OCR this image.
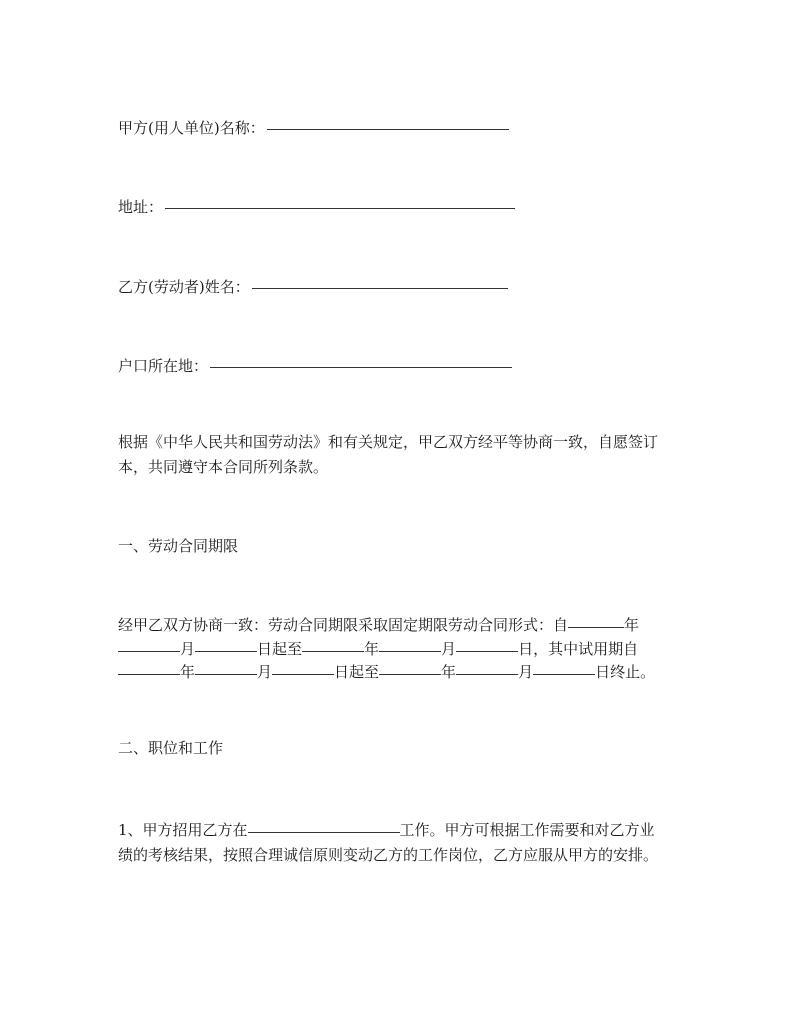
甲方(用人单位)名称：
地址：
乙方(劳动者)姓名：
户口所在地：
根据《中华人民共和国劳动法》和有关规定，甲乙双方经平等协商一致，自愿签订
本，共同遵守本合同所列条款。
一、劳动合同期限
经甲乙双方协商一致：劳动合同期限采取固定期限劳动合同形式：自	年
月	日起至	年	月	日，其中试用期自
年	月	日起至	年	月	日终止。
二、职位和工作
1、甲方招用乙方在	工作。甲方可根据工作需要和对乙方业
绩的考核结果，按照合理诚信原则变动乙方的工作岗位，乙方应服从甲方的安排。
